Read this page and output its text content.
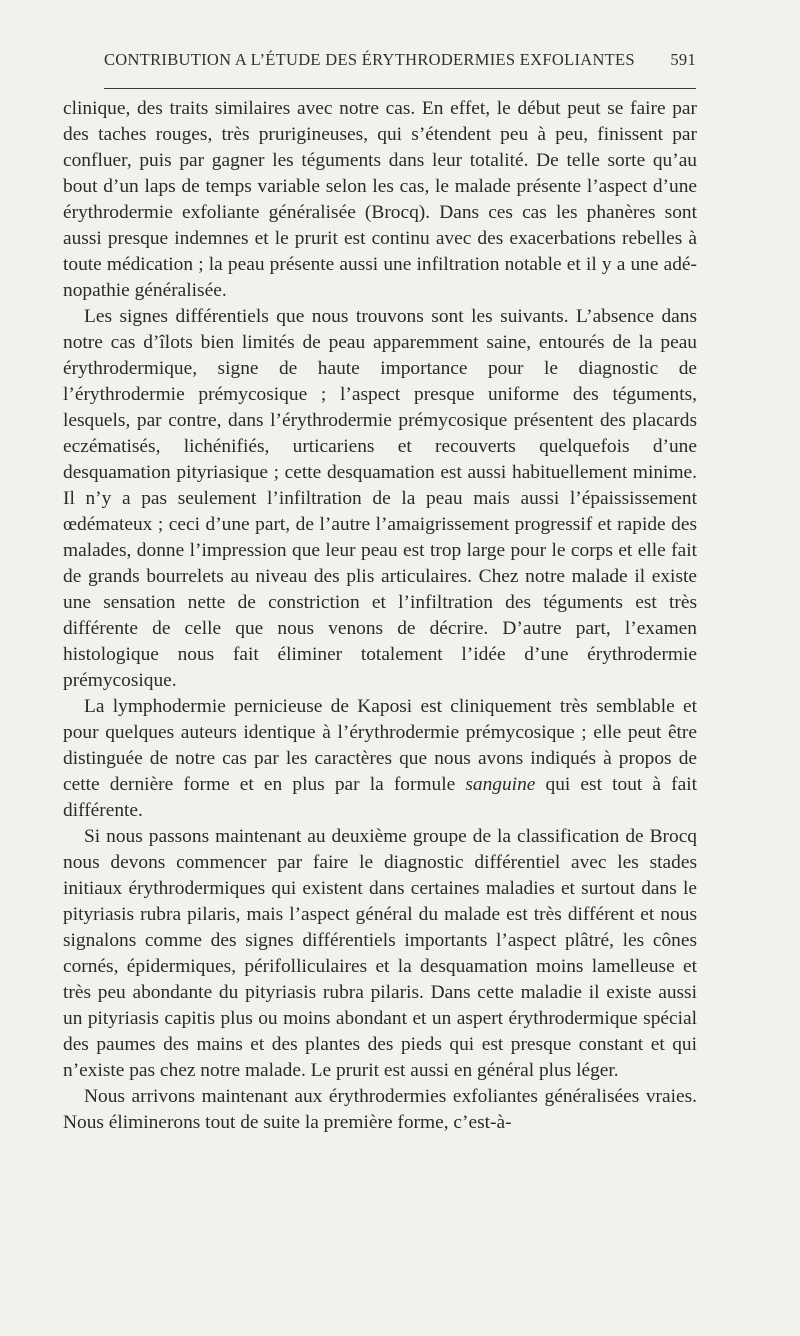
CONTRIBUTION A L’ÉTUDE DES ÉRYTHRODERMIES EXFOLIANTES 591

clinique, des traits similaires avec notre cas. En effet, le début peut se faire par des taches rouges, très prurigineuses, qui s’étendent peu à peu, finissent par confluer, puis par gagner les téguments dans leur totalité. De telle sorte qu’au bout d’un laps de temps variable selon les cas, le malade présente l’aspect d’une érythrodermie exfoliante généralisée (Brocq). Dans ces cas les phanères sont aussi presque indemnes et le prurit est continu avec des exacerbations rebelles à toute médication ; la peau présente aussi une infiltration notable et il y a une adénopathie généralisée.

Les signes différentiels que nous trouvons sont les suivants. L’absence dans notre cas d’îlots bien limités de peau apparemment saine, entourés de la peau érythrodermique, signe de haute importance pour le diagnostic de l’érythrodermie prémycosique ; l’aspect presque uniforme des téguments, lesquels, par contre, dans l’érythrodermie prémycosique présentent des placards eczématisés, lichénifiés, urticariens et recouverts quelquefois d’une desquamation pityriasique ; cette desquamation est aussi habituellement minime. Il n’y a pas seulement l’infiltration de la peau mais aussi l’épaississement œdémateux ; ceci d’une part, de l’autre l’amaigrissement progressif et rapide des malades, donne l’impression que leur peau est trop large pour le corps et elle fait de grands bourrelets au niveau des plis articulaires. Chez notre malade il existe une sensation nette de constriction et l’infiltration des téguments est très différente de celle que nous venons de décrire. D’autre part, l’examen histologique nous fait éliminer totalement l’idée d’une érythrodermie prémycosique.

La lymphodermie pernicieuse de Kaposi est cliniquement très semblable et pour quelques auteurs identique à l’érythrodermie prémycosique ; elle peut être distinguée de notre cas par les caractères que nous avons indiqués à propos de cette dernière forme et en plus par la formule sanguine qui est tout à fait différente.

Si nous passons maintenant au deuxième groupe de la classification de Brocq nous devons commencer par faire le diagnostic différentiel avec les stades initiaux érythrodermiques qui existent dans certaines maladies et surtout dans le pityriasis rubra pilaris, mais l’aspect général du malade est très différent et nous signalons comme des signes différentiels importants l’aspect plâtré, les cônes cornés, épidermiques, périfolliculaires et la desquamation moins lamelleuse et très peu abondante du pityriasis rubra pilaris. Dans cette maladie il existe aussi un pityriasis capitis plus ou moins abondant et un aspert érythrodermique spécial des paumes des mains et des plantes des pieds qui est presque constant et qui n’existe pas chez notre malade. Le prurit est aussi en général plus léger.

Nous arrivons maintenant aux érythrodermies exfoliantes généralisées vraies. Nous éliminerons tout de suite la première forme, c’est-à-
